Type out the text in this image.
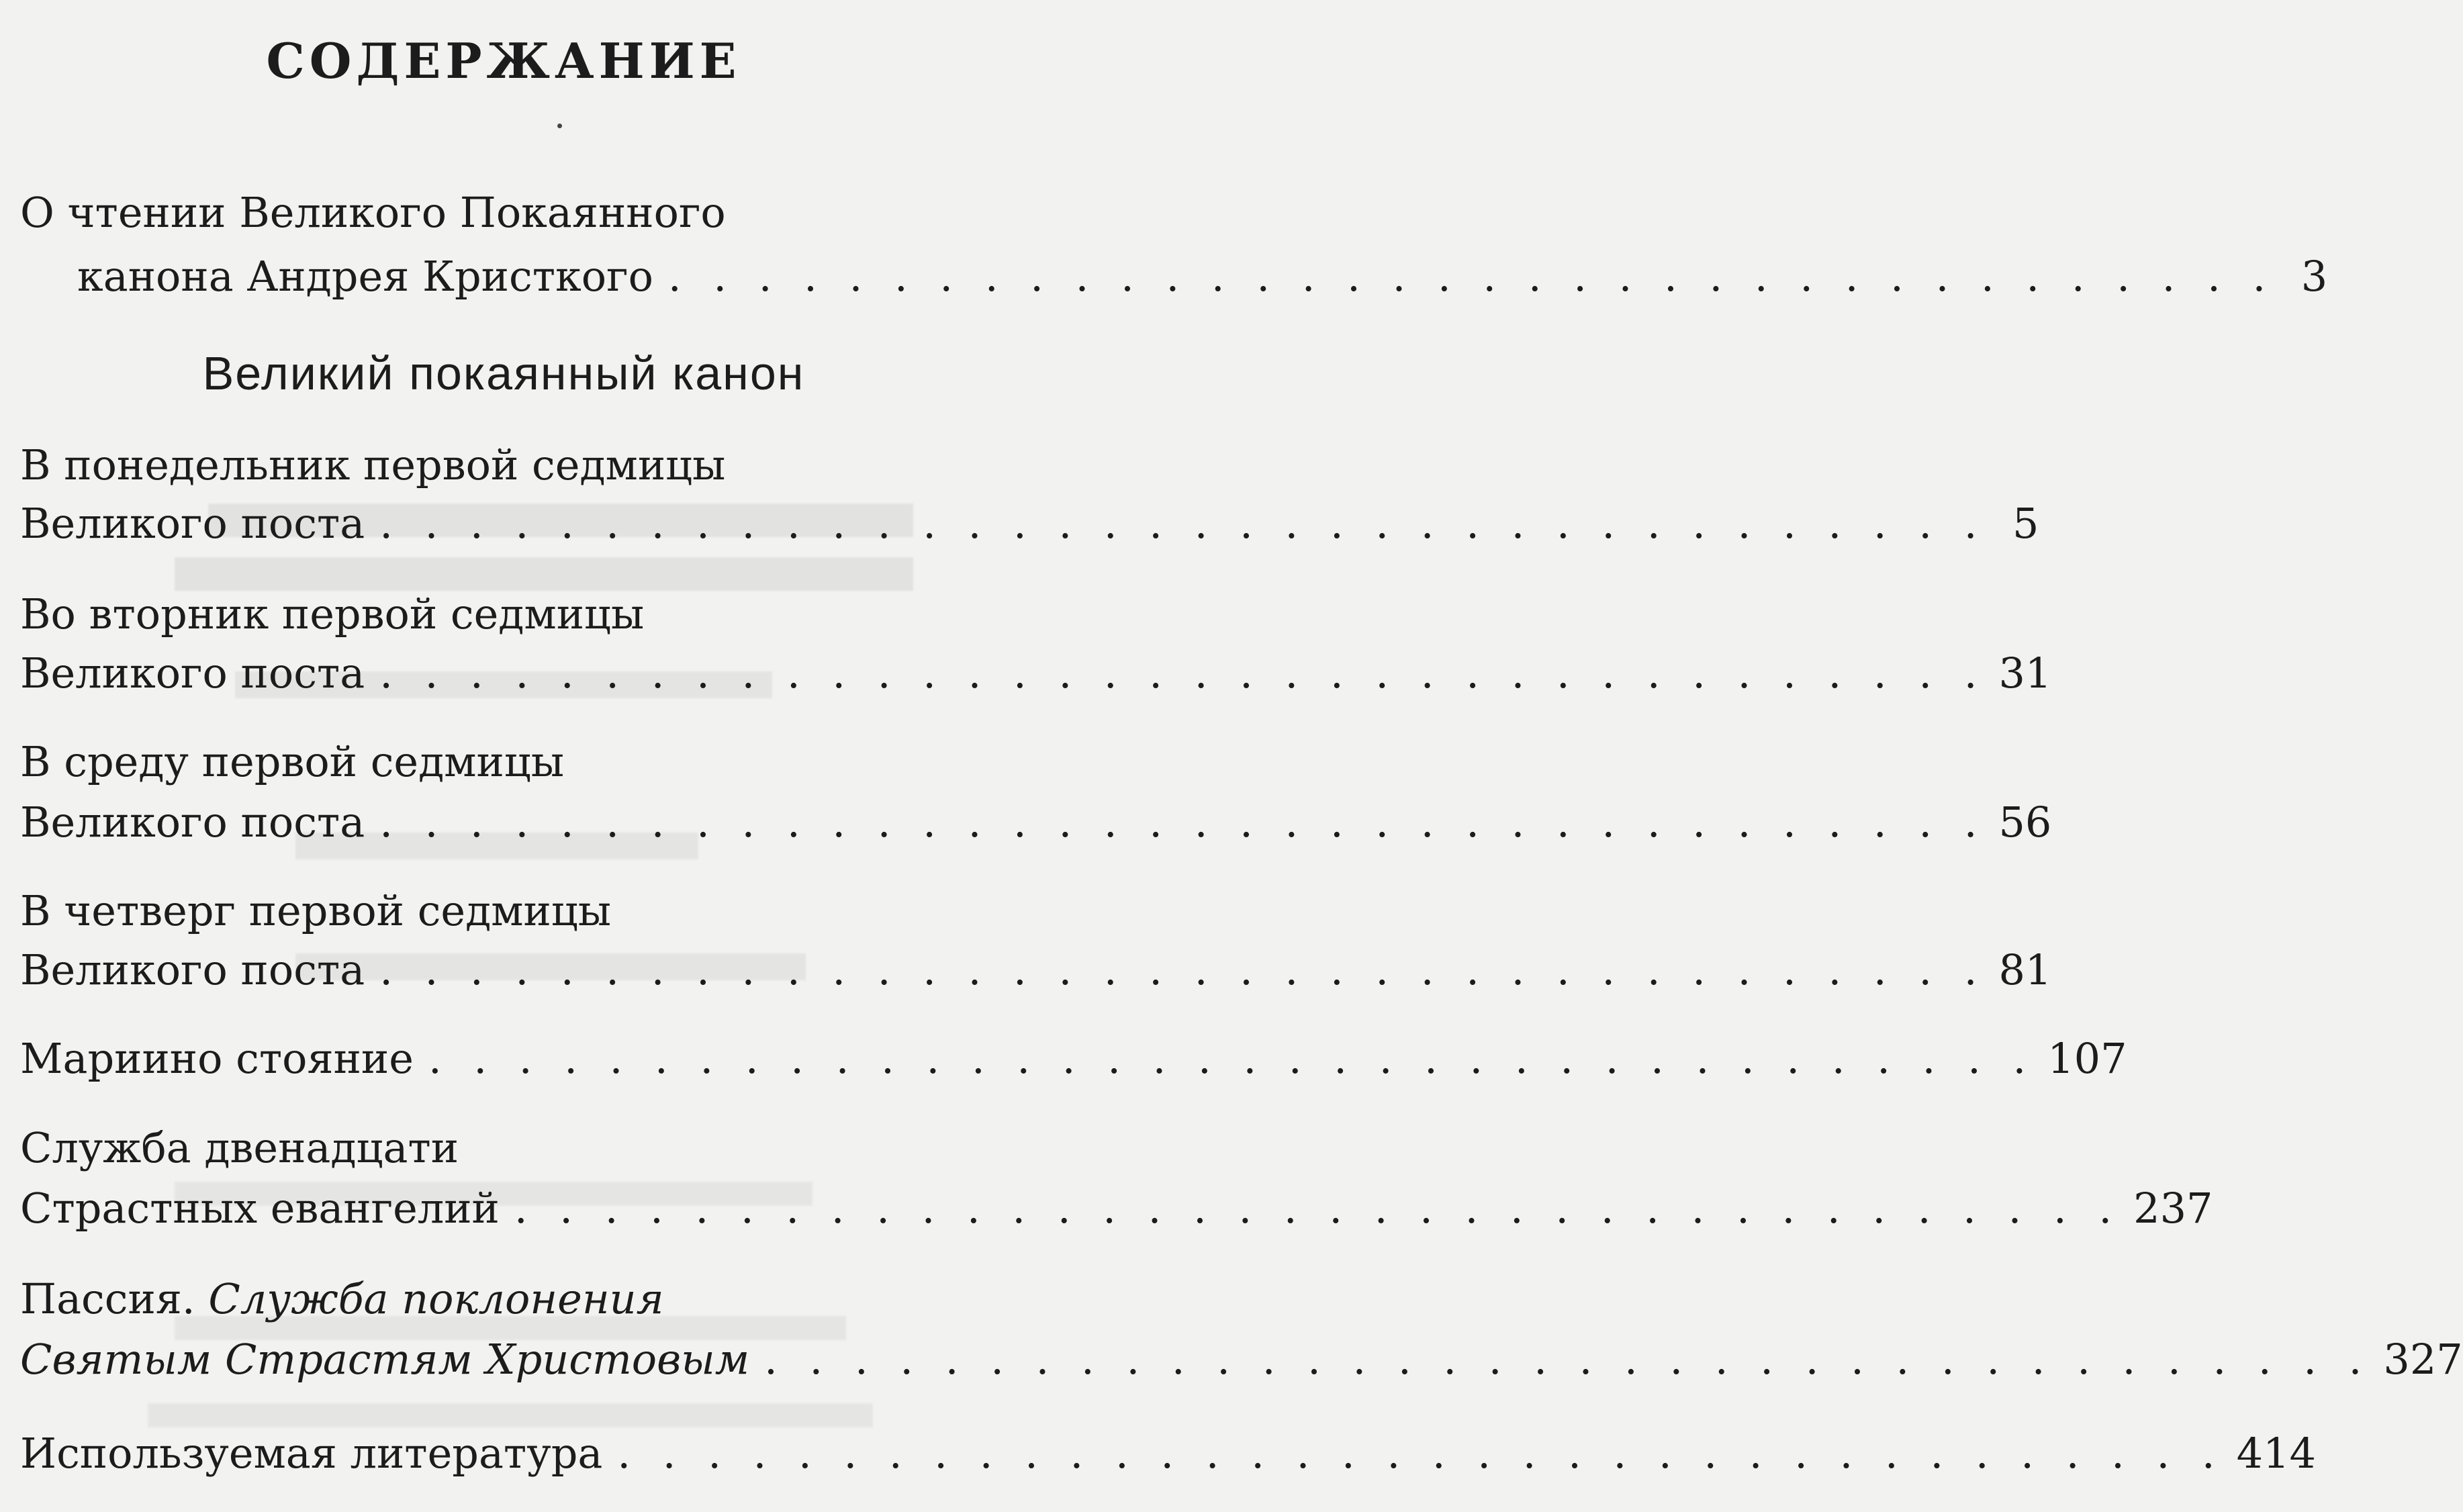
СОДЕРЖАНИЕ
О чтении Великого Покаянного
канона Андрея Кристкого . . . . . . . . . . . . . . . . . . . . . . . . . . . . . . . . . . . . 3
Великий покаянный канон
В понедельник первой седмицы
Великого поста . . . . . . . . . . . . . . . . . . . . . . . . . . . . . . . . . . . . 5
Во вторник первой седмицы
Великого поста . . . . . . . . . . . . . . . . . . . . . . . . . . . . . . . . . . . . 31
В среду первой седмицы
Великого поста . . . . . . . . . . . . . . . . . . . . . . . . . . . . . . . . . . . . 56
В четверг первой седмицы
Великого поста . . . . . . . . . . . . . . . . . . . . . . . . . . . . . . . . . . . . 81
Мариино стояние . . . . . . . . . . . . . . . . . . . . . . . . . . . . . . . . . . . . 107
Служба двенадцати
Страстных евангелий . . . . . . . . . . . . . . . . . . . . . . . . . . . . . . . . . . . . 237
Пассия. Служба поклонения
Святым Страстям Христовым . . . . . . . . . . . . . . . . . . . . . . . . . . . . . . . . . . . . 327
Используемая литература . . . . . . . . . . . . . . . . . . . . . . . . . . . . . . . . . . . . 414
